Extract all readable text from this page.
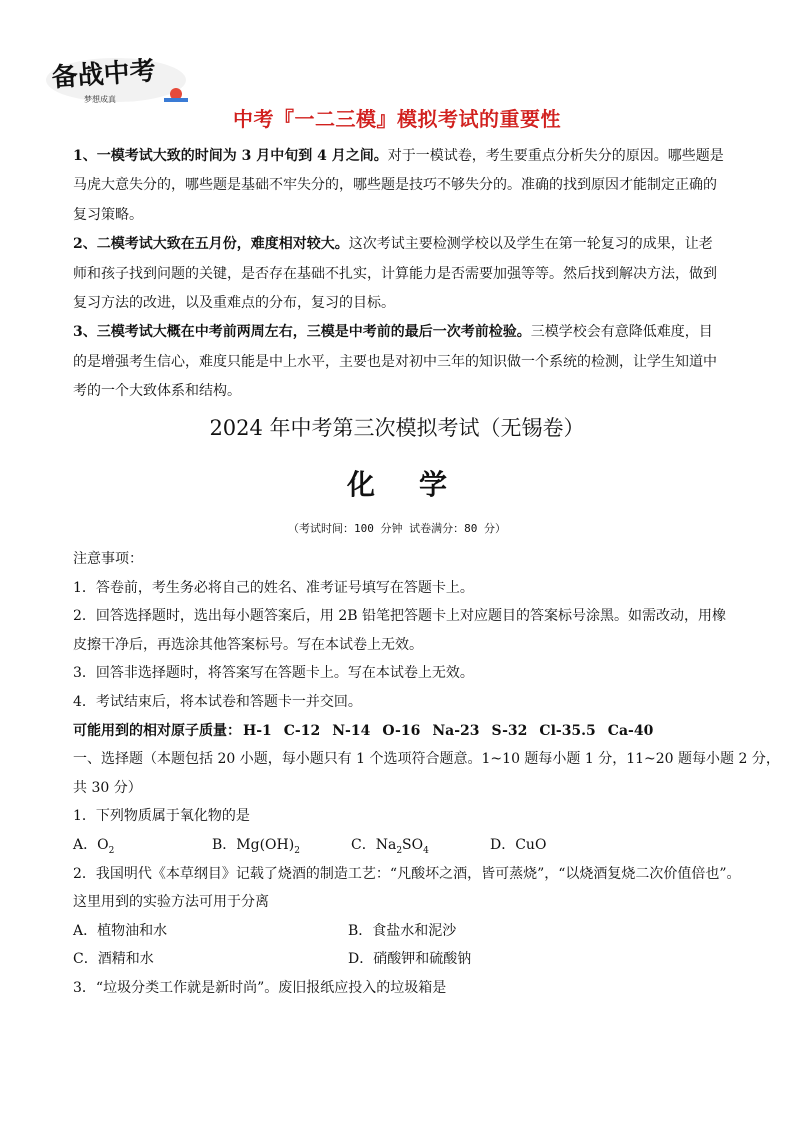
备战中考
梦想成真
中考『一二三模』模拟考试的重要性

1、一模考试大致的时间为 3 月中旬到 4 月之间。对于一模试卷，考生要重点分析失分的原因。哪些题是马虎大意失分的，哪些题是基础不牢失分的，哪些题是技巧不够失分的。准确的找到原因才能制定正确的复习策略。

2、二模考试大致在五月份，难度相对较大。这次考试主要检测学校以及学生在第一轮复习的成果，让老师和孩子找到问题的关键，是否存在基础不扎实，计算能力是否需要加强等等。然后找到解决方法，做到复习方法的改进，以及重难点的分布，复习的目标。

3、三模考试大概在中考前两周左右，三模是中考前的最后一次考前检验。三模学校会有意降低难度，目的是增强考生信心，难度只能是中上水平，主要也是对初中三年的知识做一个系统的检测，让学生知道中考的一个大致体系和结构。

2024 年中考第三次模拟考试（无锡卷）
化学
（考试时间：100 分钟 试卷满分：80 分）
注意事项：
1．答卷前，考生务必将自己的姓名、准考证号填写在答题卡上。
2．回答选择题时，选出每小题答案后，用 2B 铅笔把答题卡上对应题目的答案标号涂黑。如需改动，用橡
皮擦干净后，再选涂其他答案标号。写在本试卷上无效。
3．回答非选择题时，将答案写在答题卡上。写在本试卷上无效。
4．考试结束后，将本试卷和答题卡一并交回。
可能用到的相对原子质量： H-1 C-12 N-14 O-16 Na-23 S-32 Cl-35.5 Ca-40
一、选择题（本题包括 20 小题，每小题只有 1 个选项符合题意。1~10 题每小题 1 分，11~20 题每小题 2 分，
共 30 分）
1．下列物质属于氧化物的是
A．$O_2$	B．$Mg(OH)_2$	C．$Na_2SO_4$	D．CuO
2．我国明代《本草纲目》记载了烧酒的制造工艺：“凡酸坏之酒，皆可蒸烧”，“以烧酒复烧二次价值倍也”。
这里用到的实验方法可用于分离
A．植物油和水	B．食盐水和泥沙
C．酒精和水	D．硝酸钾和硫酸钠
3．“垃圾分类工作就是新时尚”。废旧报纸应投入的垃圾箱是
